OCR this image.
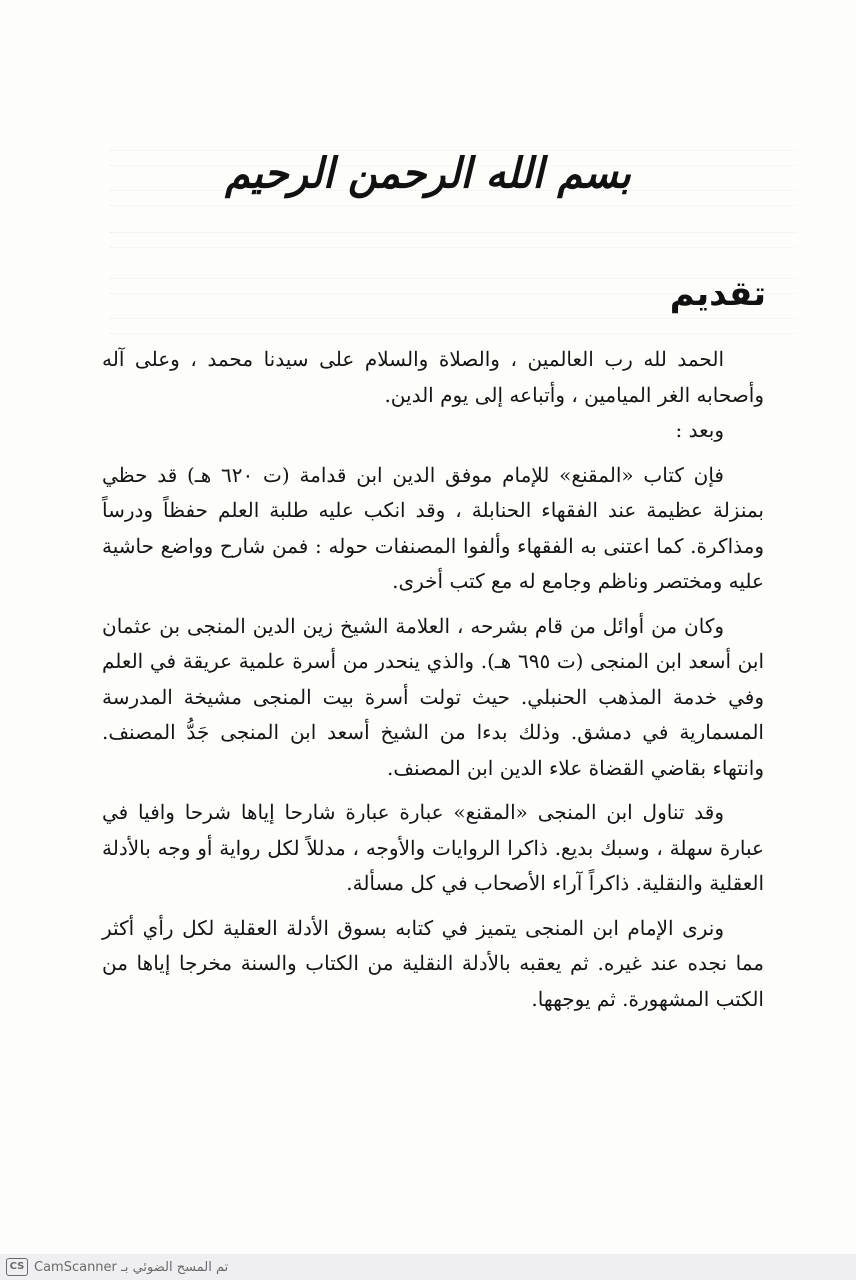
بسم الله الرحمن الرحيم
تقديم

الحمد لله رب العالمين ، والصلاة والسلام على سيدنا محمد ، وعلى آله وأصحابه الغر الميامين ، وأتباعه إلى يوم الدين.

وبعد :

فإن كتاب «المقنع» للإمام موفق الدين ابن قدامة (ت ٦٢٠ هـ) قد حظي بمنزلة عظيمة عند الفقهاء الحنابلة ، وقد انكب عليه طلبة العلم حفظاً ودرساً ومذاكرة. كما اعتنى به الفقهاء وألفوا المصنفات حوله : فمن شارح وواضع حاشية عليه ومختصر وناظم وجامع له مع كتب أخرى.

وكان من أوائل من قام بشرحه ، العلامة الشيخ زين الدين المنجى بن عثمان ابن أسعد ابن المنجى (ت ٦٩٥ هـ). والذي ينحدر من أسرة علمية عريقة في العلم وفي خدمة المذهب الحنبلي. حيث تولت أسرة بيت المنجى مشيخة المدرسة المسمارية في دمشق. وذلك بدءا من الشيخ أسعد ابن المنجى جَدُّ المصنف. وانتهاء بقاضي القضاة علاء الدين ابن المصنف.

وقد تناول ابن المنجى «المقنع» عبارة عبارة شارحا إياها شرحا وافيا في عبارة سهلة ، وسبك بديع. ذاكرا الروايات والأوجه ، مدللاً لكل رواية أو وجه بالأدلة العقلية والنقلية. ذاكراً آراء الأصحاب في كل مسألة.

ونرى الإمام ابن المنجى يتميز في كتابه بسوق الأدلة العقلية لكل رأي أكثر مما نجده عند غيره. ثم يعقبه بالأدلة النقلية من الكتاب والسنة مخرجا إياها من الكتب المشهورة. ثم يوجهها.

CS تم المسح الضوئي بـ CamScanner
